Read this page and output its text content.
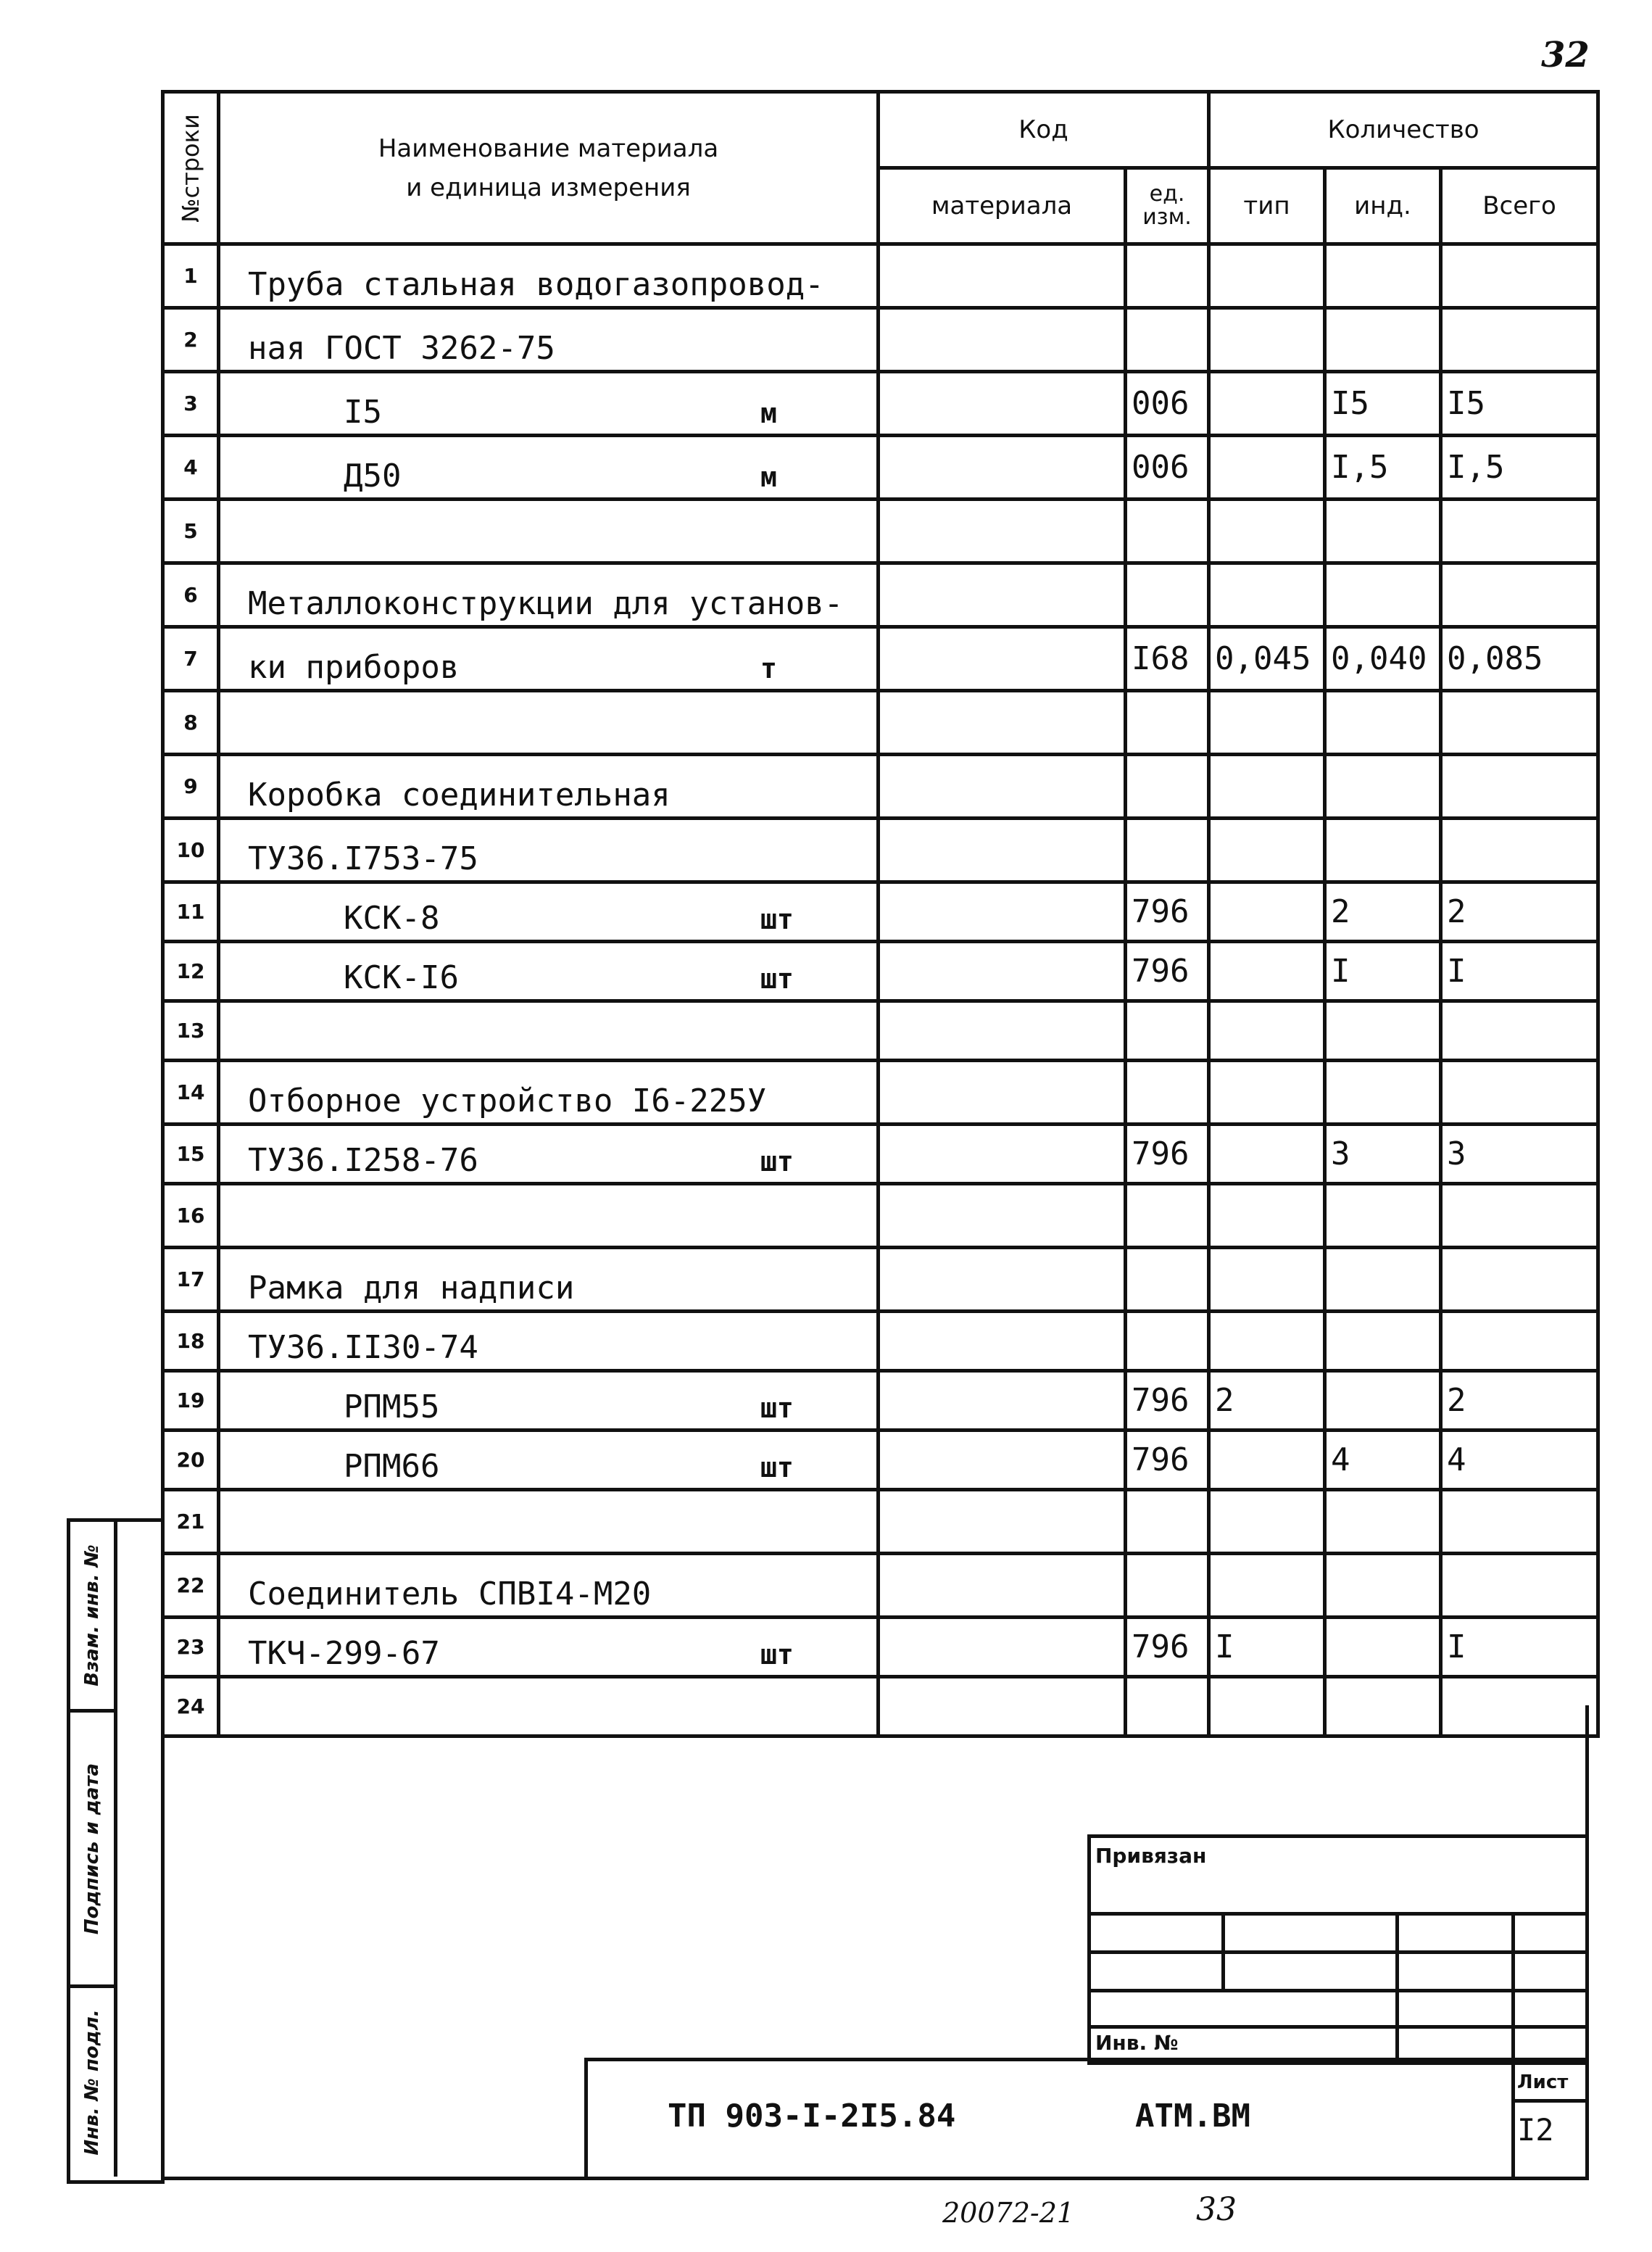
32
№строки	Наименование материала
и единица измерения	Код		Количество		
		материала	ед.
изм.	тип	инд.	Всего
1	Труба стальная водогазопровод-					

2	ная ГОСТ 3262-75					

3	I5 м		006		I5	I5
4	Д50 м		006		I,5	I,5
5	

6	Металлоконструкции для установ-					

7	ки приборов т		I68	0,045	0,040	0,085
8	

9	Коробка соединительная					

10	ТУ36.I753-75					

11	КСК-8 шт		796		2	2
12	КСК-I6 шт		796		I	I
13	

14	Отборное устройство I6-225У					

15	ТУ36.I258-76 шт		796		3	3
16	

17	Рамка для надписи					

18	ТУ36.II30-74					

19	РПМ55 шт		796	2		2
20	РПМ66 шт		796		4	4
21	

22	Соединитель СПВI4-М20					

23	ТКЧ-299-67 шт		796	I		I
24	

Взам. инв. №
Подпись и дата
Инв. № подл.
Привязан
Инв. №
ТП 903-I-2I5.84	АТМ.ВМ
Лист
I2
20072-21	33
